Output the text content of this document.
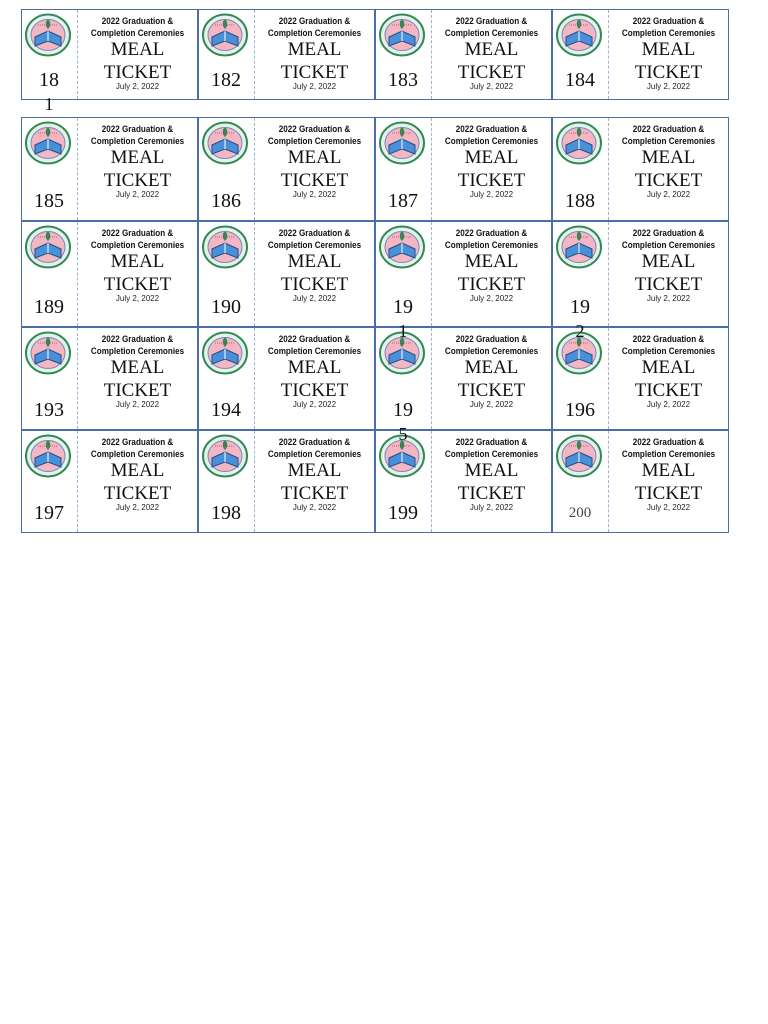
18
1
2022 Graduation &
Completion Ceremonies
MEAL
TICKET
July 2, 2022	182
2022 Graduation &
Completion Ceremonies
MEAL
TICKET
July 2, 2022	183
2022 Graduation &
Completion Ceremonies
MEAL
TICKET
July 2, 2022	184
2022 Graduation &
Completion Ceremonies
MEAL
TICKET
July 2, 2022
185
2022 Graduation &
Completion Ceremonies
MEAL
TICKET
July 2, 2022	186
2022 Graduation &
Completion Ceremonies
MEAL
TICKET
July 2, 2022	187
2022 Graduation &
Completion Ceremonies
MEAL
TICKET
July 2, 2022	188
2022 Graduation &
Completion Ceremonies
MEAL
TICKET
July 2, 2022
189
2022 Graduation &
Completion Ceremonies
MEAL
TICKET
July 2, 2022	190
2022 Graduation &
Completion Ceremonies
MEAL
TICKET
July 2, 2022	19
1
2022 Graduation &
Completion Ceremonies
MEAL
TICKET
July 2, 2022	19
2
2022 Graduation &
Completion Ceremonies
MEAL
TICKET
July 2, 2022
193
2022 Graduation &
Completion Ceremonies
MEAL
TICKET
July 2, 2022	194
2022 Graduation &
Completion Ceremonies
MEAL
TICKET
July 2, 2022	19
5
2022 Graduation &
Completion Ceremonies
MEAL
TICKET
July 2, 2022	196
2022 Graduation &
Completion Ceremonies
MEAL
TICKET
July 2, 2022
197
2022 Graduation &
Completion Ceremonies
MEAL
TICKET
July 2, 2022	198
2022 Graduation &
Completion Ceremonies
MEAL
TICKET
July 2, 2022	199
2022 Graduation &
Completion Ceremonies
MEAL
TICKET
July 2, 2022	200
2022 Graduation &
Completion Ceremonies
MEAL
TICKET
July 2, 2022
